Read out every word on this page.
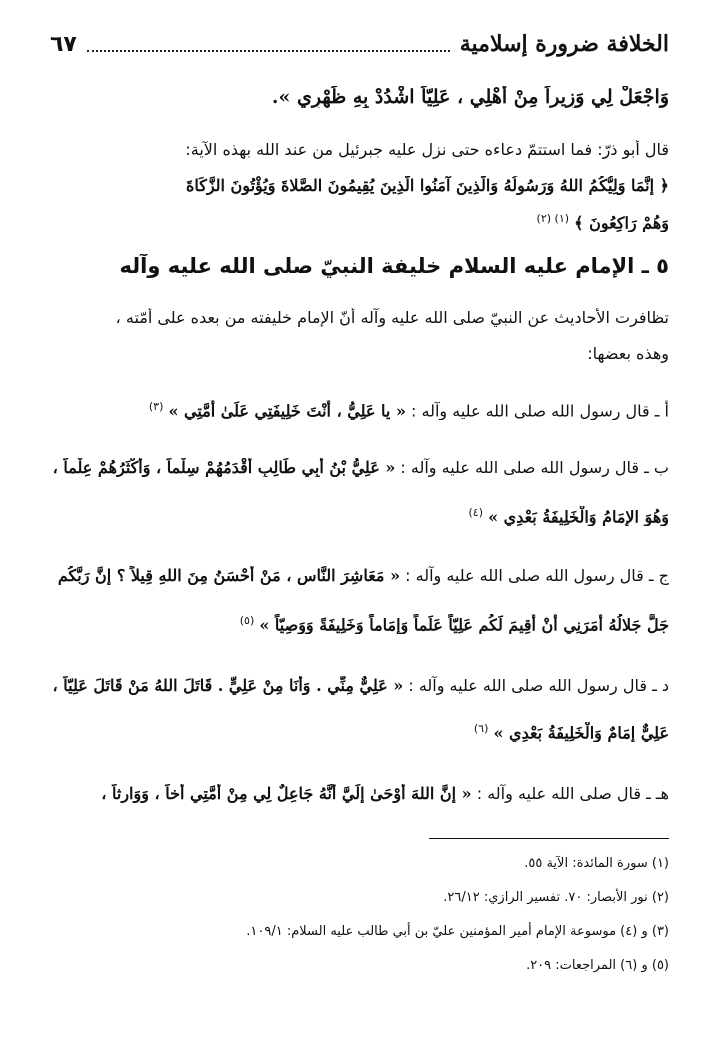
الخلافة ضرورة إسلامية
٦٧

وَاجْعَلْ لِي وَزِيراً مِنْ أَهْلِي ، عَلِيّاً اشْدُدْ بِهِ ظَهْرِي ».

قال أبو ذرّ: فما استتمّ دعاءه حتى نزل عليه جبرئيل من عند الله بهذه الآية:

﴿ إِنَّمَا وَلِيُّكُمُ اللهُ وَرَسُولُهُ وَالَّذِينَ آمَنُوا الَّذِينَ يُقِيمُونَ الصَّلاةَ وَيُؤْتُونَ الزَّكَاةَ

وَهُمْ رَاكِعُونَ ﴾ $^{(١) (٢)}$

٥ ـ الإمام عليه السلام خليفة النبيّ صلى الله عليه وآله

تظافرت الأحاديث عن النبيّ صلى الله عليه وآله أنّ الإمام خليفته من بعده على أُمّته ،

وهذه بعضها:

أ ـ قال رسول الله صلى الله عليه وآله : « يا عَلِيُّ ، أَنْتَ خَلِيفَتِي عَلَىٰ أُمَّتِي » $^{(٣)}$

ب ـ قال رسول الله صلى الله عليه وآله : « عَلِيُّ بْنُ أَبِي طَالِبٍ أَقْدَمُهُمْ سِلْماً ، وَأَكْثَرُهُمْ عِلْماً ،

وَهُوَ الإِمَامُ وَالْخَلِيفَةُ بَعْدِي » $^{(٤)}$

ج ـ قال رسول الله صلى الله عليه وآله : « مَعَاشِرَ النَّاسِ ، مَنْ أَحْسَنُ مِنَ اللهِ قِيلاً ؟ إِنَّ رَبَّكُم

جَلَّ جَلالُهُ أَمَرَنِي أَنْ أُقِيمَ لَكُم عَلِيّاً عَلَماً وَإِمَاماً وَخَلِيفَةً وَوَصِيّاً » $^{(٥)}$

د ـ قال رسول الله صلى الله عليه وآله : « عَلِيٌّ مِنِّي . وَأَنَا مِنْ عَلِيٍّ . قَاتَلَ اللهُ مَنْ قَاتَلَ عَلِيّاً ،

عَلِيٌّ إِمَامٌ وَالْخَلِيفَةُ بَعْدِي » $^{(٦)}$

هـ ـ قال صلى الله عليه وآله : « إِنَّ اللهَ أَوْحَىٰ إِلَيَّ أَنَّهُ جَاعِلٌ لِي مِنْ أُمَّتِي أَخاً ، وَوَارِثاً ،

(١) سورة المائدة: الآية ٥٥.
(٢) نور الأبصار: ٧٠. تفسير الرازي: ٢٦/١٢.
(٣) و (٤) موسوعة الإمام أمير المؤمنين عليّ بن أبي طالب عليه السلام: ١٠٩/١.
(٥) و (٦) المراجعات: ٢٠٩.
